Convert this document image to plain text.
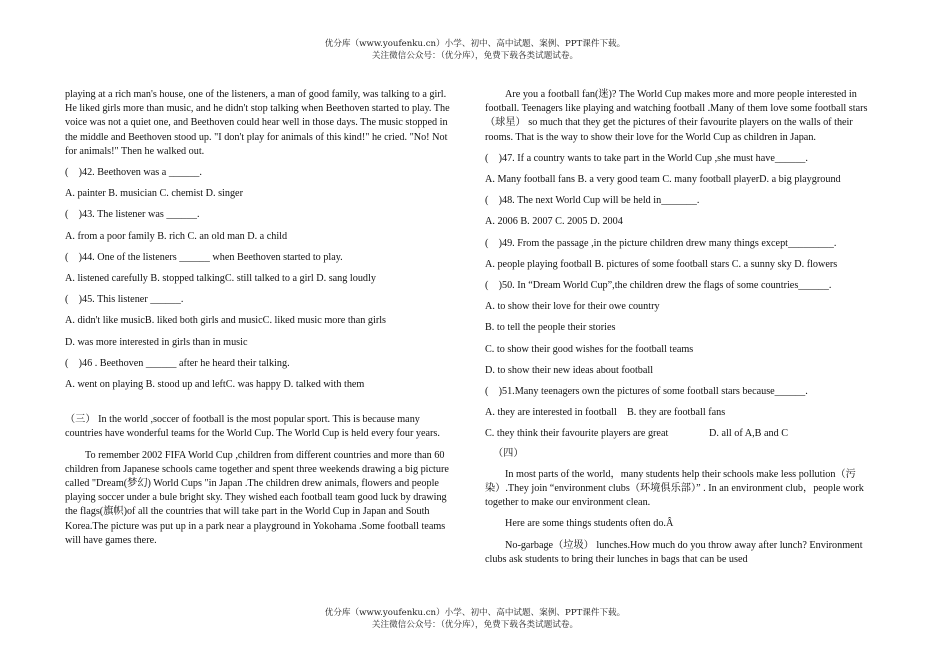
优分库（www.youfenku.cn）小学、初中、高中试题、案例、PPT课件下载。
关注微信公众号：（优分库），免费下载各类试题试卷。

playing at a rich man's house, one of the listeners, a man of good family, was talking to a girl. He liked girls more than music, and he didn't stop talking when Beethoven started to play. The voice was not a quiet one, and Beethoven could hear well in those days. The music stopped in the middle and Beethoven stood up. "I don't play for animals of this kind!" he cried. "No! Not for animals!" Then he walked out.

(　)42. Beethoven was a ______.

A. painter B. musician C. chemist D. singer

(　)43. The listener was ______.

A. from a poor family B. rich C. an old man D. a child

(　)44. One of the listeners ______ when Beethoven started to play.

A. listened carefully B. stopped talkingC. still talked to a girl D. sang loudly

(　)45. This listener ______.

A. didn't like musicB. liked both girls and musicC. liked music more than girls

D. was more interested in girls than in music

(　)46 . Beethoven ______ after he heard their talking.

A. went on playing B. stood up and leftC. was happy D. talked with them

（三） In the world ,soccer of football is the most popular sport. This is because many countries have wonderful teams for the World Cup. The World Cup is held every four years.

To remember 2002 FIFA World Cup ,children from different countries and more than 60 children from Japanese schools came together and spent three weekends drawing a big picture called "Dream(梦幻) World Cups "in Japan .The children drew animals, flowers and people playing soccer under a bule bright sky. They wished each football team good luck by drawing the flags(旗帜)of all the countries that will take part in the World Cup in Japan and South Korea.The picture was put up in a park near a playground in Yokohama .Some football teams will have games there.

Are you a football fan(迷)? The World Cup makes more and more people interested in football. Teenagers like playing and watching football .Many of them love some football stars（球星） so much that they get the pictures of their favourite players on the walls of their rooms. That is the way to show their love for the World Cup as children in Japan.

(　)47. If a country wants to take part in the World Cup ,she must have______.

A. Many football fans B. a very good team C. many football playerD. a big playground

(　)48. The next World Cup will be held in_______.

A. 2006 B. 2007 C. 2005 D. 2004

(　)49. From the passage ,in the picture children drew many things except_________.

A. people playing football B. pictures of some football stars C. a sunny sky D. flowers

(　)50. In “Dream World Cup”,the children drew the flags of some countries______.

A. to show their love for their owe country

B. to tell the people their stories

C. to show their good wishes for the football teams

D. to show their new ideas about football

(　)51.Many teenagers own the pictures of some football stars because______.

A. they are interested in football    B. they are football fans

C. they think their favourite players are great                D. all of A,B and C

（四）

In most parts of the world，many students help their schools make less pollution（污染）.They join “environment clubs（环境俱乐部）” . In an environment club，people work together to make our environment clean.

Here are some things students often do.Â

No-garbage（垃圾） lunches.How much do you throw away after lunch? Environment clubs ask students to bring their lunches in bags that can be used

优分库（www.youfenku.cn）小学、初中、高中试题、案例、PPT课件下载。
关注微信公众号：（优分库），免费下载各类试题试卷。
